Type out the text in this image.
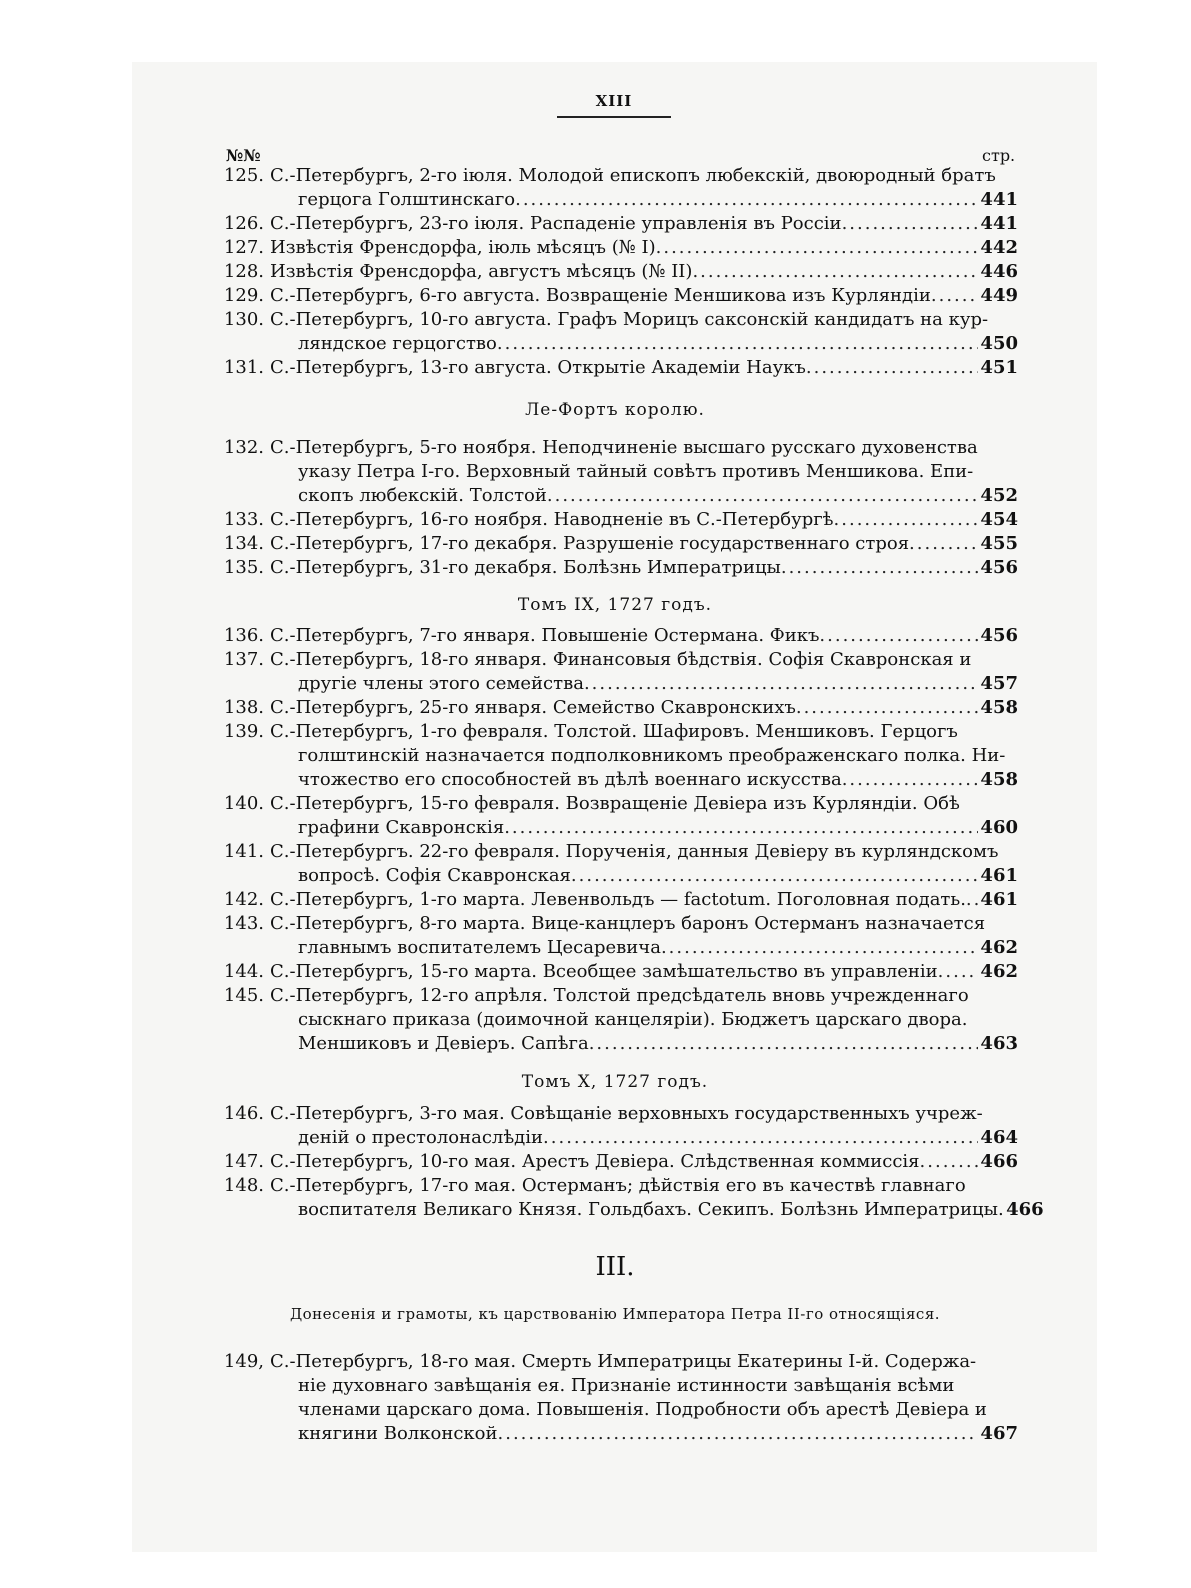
XIII
№№	стр.
125. С.-Петербургъ, 2-го іюля. Молодой епископъ любекскій, двоюродный братъ
герцога Голштинскаго .....	441
126. С.-Петербургъ, 23-го іюля. Распаденіе управленія въ Россіи .....	441
127. Извѣстія Френсдорфа, іюль мѣсяцъ (№ I) .....	442
128. Извѣстія Френсдорфа, августъ мѣсяцъ (№ II) .....	446
129. С.-Петербургъ, 6-го августа. Возвращеніе Меншикова изъ Курляндіи .....	449
130. С.-Петербургъ, 10-го августа. Графъ Морицъ саксонскій кандидатъ на кур-
ляндское герцогство .....	450
131. С.-Петербургъ, 13-го августа. Открытіе Академіи Наукъ .....	451
Ле-Фортъ королю.
132. С.-Петербургъ, 5-го ноября. Неподчиненіе высшаго русскаго духовенства
указу Петра I-го. Верховный тайный совѣтъ противъ Меншикова. Епи-
скопъ любекскій. Толстой .....	452
133. С.-Петербургъ, 16-го ноября. Наводненіе въ С.-Петербургѣ .....	454
134. С.-Петербургъ, 17-го декабря. Разрушеніе государственнаго строя .....	455
135. С.-Петербургъ, 31-го декабря. Болѣзнь Императрицы .....	456
Томъ IX, 1727 годъ.
136. С.-Петербургъ, 7-го января. Повышеніе Остермана. Фикъ .....	456
137. С.-Петербургъ, 18-го января. Финансовыя бѣдствія. Софія Скавронская и
другіе члены этого семейства .....	457
138. С.-Петербургъ, 25-го января. Семейство Скавронскихъ .....	458
139. С.-Петербургъ, 1-го февраля. Толстой. Шафировъ. Меншиковъ. Герцогъ
голштинскій назначается подполковникомъ преображенскаго полка. Ни-
чтожество его способностей въ дѣлѣ военнаго искусства .....	458
140. С.-Петербургъ, 15-го февраля. Возвращеніе Девіера изъ Курляндіи. Обѣ
графини Скавронскія .....	460
141. С.-Петербургъ. 22-го февраля. Порученія, данныя Девіеру въ курляндскомъ
вопросѣ. Софія Скавронская .....	461
142. С.-Петербургъ, 1-го марта. Левенвольдъ — factotum. Поголовная подать. ..... 461
143. С.-Петербургъ, 8-го марта. Вице-канцлеръ баронъ Остерманъ назначается
главнымъ воспитателемъ Цесаревича .....	462
144. С.-Петербургъ, 15-го марта. Всеобщее замѣшательство въ управленіи ..... 462
145. С.-Петербургъ, 12-го апрѣля. Толстой предсѣдатель вновь учрежденнаго
сыскнаго приказа (доимочной канцеляріи). Бюджетъ царскаго двора.
Меншиковъ и Девіеръ. Сапѣга .....	463
Томъ X, 1727 годъ.
146. С.-Петербургъ, 3-го мая. Совѣщаніе верховныхъ государственныхъ учреж-
деній о престолонаслѣдіи .....	464
147. С.-Петербургъ, 10-го мая. Арестъ Девіера. Слѣдственная коммиссія .....	466
148. С.-Петербургъ, 17-го мая. Остерманъ; дѣйствія его въ качествѣ главнаго
воспитателя Великаго Князя. Гольдбахъ. Секипъ. Болѣзнь Императрицы. 466
III.
Донесенія и грамоты, къ царствованію Императора Петра II-го относящіяся.
149, С.-Петербургъ, 18-го мая. Смерть Императрицы Екатерины I-й. Содержа-
ніе духовнаго завѣщанія ея. Признаніе истинности завѣщанія всѣми
членами царскаго дома. Повышенія. Подробности объ арестѣ Девіера и
княгини Волконской .....	467
